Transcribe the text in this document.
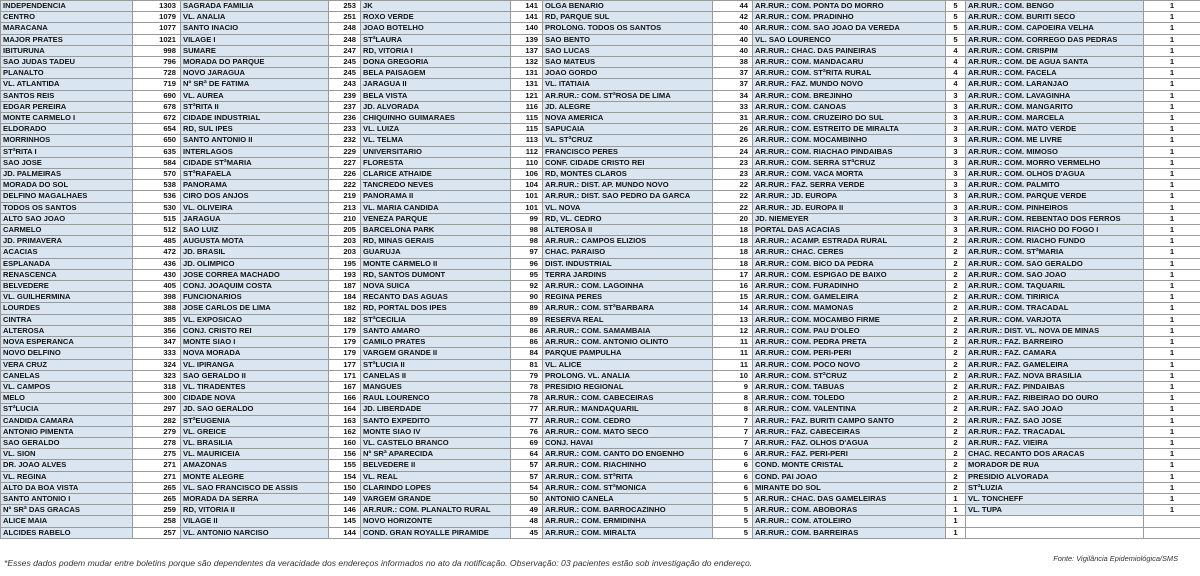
INDEPENDENCIA	1303	SAGRADA FAMILIA	253	JK	141	OLGA BENARIO	44	AR.RUR.: COM. PONTA DO MORRO	5	AR.RUR.: COM. BENGO	1
CENTRO	1079	VL. ANALIA	251	ROXO VERDE	141	RD, PARQUE SUL	42	AR.RUR.: COM. PRADINHO	5	AR.RUR.: COM. BURITI SECO	1
MARACANA	1077	SANTO INACIO	248	JOAO BOTELHO	140	PROLONG. TODOS OS SANTOS	40	AR.RUR.: COM. SAO JOAO DA VEREDA	5	AR.RUR.: COM. CAPOEIRA VELHA	1
MAJOR PRATES	1021	VILAGE I	248	STªLAURA	139	SAO BENTO	40	VL. SAO LOURENCO	5	AR.RUR.: COM. CORREGO DAS PEDRAS	1
IBITURUNA	998	SUMARE	247	RD, VITORIA I	137	SAO LUCAS	40	AR.RUR.: CHAC. DAS PAINEIRAS	4	AR.RUR.: COM. CRISPIM	1
SAO JUDAS TADEU	796	MORADA DO PARQUE	245	DONA GREGORIA	132	SAO MATEUS	38	AR.RUR.: COM. MANDACARU	4	AR.RUR.: COM. DE AGUA SANTA	1
PLANALTO	728	NOVO JARAGUA	245	BELA PAISAGEM	131	JOAO GORDO	37	AR.RUR.: COM. STªRITA RURAL	4	AR.RUR.: COM. FACELA	1
VL. ATLANTIDA	719	Nº SRª DE FATIMA	243	JARAGUA II	131	VL. ITATIAIA	37	AR.RUR.: FAZ. MUNDO NOVO	4	AR.RUR.: COM. LARANJAO	1
SANTOS REIS	690	VL. AUREA	239	BELA VISTA	121	AR.RUR.: COM. STªROSA DE LIMA	34	AR.RUR.: COM. BREJINHO	3	AR.RUR.: COM. LAVAGINHA	1
EDGAR PEREIRA	678	STªRITA II	237	JD. ALVORADA	116	JD. ALEGRE	33	AR.RUR.: COM. CANOAS	3	AR.RUR.: COM. MANGARITO	1
MONTE CARMELO I	672	CIDADE INDUSTRIAL	236	CHIQUINHO GUIMARAES	115	NOVA AMERICA	31	AR.RUR.: COM. CRUZEIRO DO SUL	3	AR.RUR.: COM. MARCELA	1
ELDORADO	654	RD, SUL IPES	233	VL. LUIZA	115	SAPUCAIA	26	AR.RUR.: COM. ESTREITO DE MIRALTA	3	AR.RUR.: COM. MATO VERDE	1
MORRINHOS	650	SANTO ANTONIO II	232	VL. TELMA	113	VL. STªCRUZ	26	AR.RUR.: COM. MOCAMBINHO	3	AR.RUR.: COM. ME LIVRE	1
STªRITA I	635	INTERLAGOS	229	UNIVERSITARIO	112	FRANCISCO PERES	24	AR.RUR.: COM. RIACHAO PINDAIBAS	3	AR.RUR.: COM. MIMOSO	1
SAO JOSE	584	CIDADE STªMARIA	227	FLORESTA	110	CONF. CIDADE CRISTO REI	23	AR.RUR.: COM. SERRA STªCRUZ	3	AR.RUR.: COM. MORRO VERMELHO	1
JD. PALMEIRAS	570	STªRAFAELA	226	CLARICE ATHAIDE	106	RD, MONTES CLAROS	23	AR.RUR.: COM. VACA MORTA	3	AR.RUR.: COM. OLHOS D'AGUA	1
MORADA DO SOL	538	PANORAMA	222	TANCREDO NEVES	104	AR.RUR.: DIST. AP. MUNDO NOVO	22	AR.RUR.: FAZ. SERRA VERDE	3	AR.RUR.: COM. PALMITO	1
DELFINO MAGALHAES	536	CIRO DOS ANJOS	219	PANORAMA II	101	AR.RUR.: DIST. SAO PEDRO DA GARCA	22	AR.RUR.: JD. EUROPA	3	AR.RUR.: COM. PARQUE VERDE	1
TODOS OS SANTOS	530	VL. OLIVEIRA	213	VL. MARIA CANDIDA	101	VL. NOVA	22	AR.RUR.: JD. EUROPA II	3	AR.RUR.: COM. PINHEIROS	1
ALTO SAO JOAO	515	JARAGUA	210	VENEZA PARQUE	99	RD, VL. CEDRO	20	JD. NIEMEYER	3	AR.RUR.: COM. REBENTAO DOS FERROS	1
CARMELO	512	SAO LUIZ	205	BARCELONA PARK	98	ALTEROSA II	18	PORTAL DAS ACACIAS	3	AR.RUR.: COM. RIACHO DO FOGO I	1
JD. PRIMAVERA	485	AUGUSTA MOTA	203	RD, MINAS GERAIS	98	AR.RUR.: CAMPOS ELIZIOS	18	AR.RUR.: ACAMP. ESTRADA RURAL	2	AR.RUR.: COM. RIACHO FUNDO	1
ACACIAS	472	JD. BRASIL	203	GUARUJA	97	CHAC. PARAISO	18	AR.RUR.: CHAC. CERES	2	AR.RUR.: COM. STªMARIA	1
ESPLANADA	436	JD. OLIMPICO	195	MONTE CARMELO II	96	DIST. INDUSTRIAL	18	AR.RUR.: COM. BICO DA PEDRA	2	AR.RUR.: COM. SAO GERALDO	1
RENASCENCA	430	JOSE CORREA MACHADO	193	RD, SANTOS DUMONT	95	TERRA JARDINS	17	AR.RUR.: COM. ESPIGAO DE BAIXO	2	AR.RUR.: COM. SAO JOAO	1
BELVEDERE	405	CONJ. JOAQUIM COSTA	187	NOVA SUICA	92	AR.RUR.: COM. LAGOINHA	16	AR.RUR.: COM. FURADINHO	2	AR.RUR.: COM. TAQUARIL	1
VL. GUILHERMINA	398	FUNCIONARIOS	184	RECANTO DAS AGUAS	90	REGINA PERES	15	AR.RUR.: COM. GAMELEIRA	2	AR.RUR.: COM. TIRIRICA	1
LOURDES	388	JOSE CARLOS DE LIMA	182	RD, PORTAL DOS IPES	89	AR.RUR.: COM. STªBARBARA	14	AR.RUR.: COM. MAMONAS	2	AR.RUR.: COM. TRACADAL	1
CINTRA	385	VL. EXPOSICAO	182	STªCECILIA	89	RESERVA REAL	13	AR.RUR.: COM. MOCAMBO FIRME	2	AR.RUR.: COM. VARJOTA	1
ALTEROSA	356	CONJ. CRISTO REI	179	SANTO AMARO	86	AR.RUR.: COM. SAMAMBAIA	12	AR.RUR.: COM. PAU D'OLEO	2	AR.RUR.: DIST. VL. NOVA DE MINAS	1
NOVA ESPERANCA	347	MONTE SIAO I	179	CAMILO PRATES	86	AR.RUR.: COM. ANTONIO OLINTO	11	AR.RUR.: COM. PEDRA PRETA	2	AR.RUR.: FAZ. BARREIRO	1
NOVO DELFINO	333	NOVA MORADA	179	VARGEM GRANDE II	84	PARQUE PAMPULHA	11	AR.RUR.: COM. PERI-PERI	2	AR.RUR.: FAZ. CAMARA	1
VERA CRUZ	324	VL. IPIRANGA	177	STªLUCIA II	81	VL. ALICE	11	AR.RUR.: COM. POCO NOVO	2	AR.RUR.: FAZ. GAMELEIRA	1
CANELAS	323	SAO GERALDO II	171	CANELAS II	79	PROLONG. VL. ANALIA	10	AR.RUR.: COM. STªCRUZ	2	AR.RUR.: FAZ. NOVA BRASILIA	1
VL. CAMPOS	318	VL. TIRADENTES	167	MANGUES	78	PRESIDIO REGIONAL	9	AR.RUR.: COM. TABUAS	2	AR.RUR.: FAZ. PINDAIBAS	1
MELO	300	CIDADE NOVA	166	RAUL LOURENCO	78	AR.RUR.: COM. CABECEIRAS	8	AR.RUR.: COM. TOLEDO	2	AR.RUR.: FAZ. RIBEIRAO DO OURO	1
STªLUCIA	297	JD. SAO GERALDO	164	JD. LIBERDADE	77	AR.RUR.: MANDAQUARIL	8	AR.RUR.: COM. VALENTINA	2	AR.RUR.: FAZ. SAO JOAO	1
CANDIDA CAMARA	282	STªEUGENIA	163	SANTO EXPEDITO	77	AR.RUR.: COM. CEDRO	7	AR.RUR.: FAZ. BURITI CAMPO SANTO	2	AR.RUR.: FAZ. SAO JOSE	1
ANTONIO PIMENTA	279	VL. GREICE	162	MONTE SIAO IV	76	AR.RUR.: COM. MATO SECO	7	AR.RUR.: FAZ. CABECEIRAS	2	AR.RUR.: FAZ. TRACADAL	1
SAO GERALDO	278	VL. BRASILIA	160	VL. CASTELO BRANCO	69	CONJ. HAVAI	7	AR.RUR.: FAZ. OLHOS D'AGUA	2	AR.RUR.: FAZ. VIEIRA	1
VL. SION	275	VL. MAURICEIA	156	Nº SRª APARECIDA	64	AR.RUR.: COM. CANTO DO ENGENHO	6	AR.RUR.: FAZ. PERI-PERI	2	CHAC. RECANTO DOS ARACAS	1
DR. JOAO ALVES	271	AMAZONAS	155	BELVEDERE II	57	AR.RUR.: COM. RIACHINHO	6	COND. MONTE CRISTAL	2	MORADOR DE RUA	1
VL. REGINA	271	MONTE ALEGRE	154	VL. REAL	57	AR.RUR.: COM. STªRITA	6	COND. PAI JOAO	2	PRESIDIO ALVORADA	1
ALTO DA BOA VISTA	265	VL. SAO FRANCISCO DE ASSIS	150	CLARINDO LOPES	54	AR.RUR.: COM. STªMONICA	6	MIRANTE DO SOL	2	STªLUZIA	1
SANTO ANTONIO I	265	MORADA DA SERRA	149	VARGEM GRANDE	50	ANTONIO CANELA	5	AR.RUR.: CHAC. DAS GAMELEIRAS	1	VL. TONCHEFF	1
Nº SRª DAS GRACAS	259	RD, VITORIA II	146	AR.RUR.: COM. PLANALTO RURAL	49	AR.RUR.: COM. BARROCAZINHO	5	AR.RUR.: COM. ABOBORAS	1	VL. TUPA	1
ALICE MAIA	258	VILAGE II	145	NOVO HORIZONTE	48	AR.RUR.: COM. ERMIDINHA	5	AR.RUR.: COM. ATOLEIRO	1		
ALCIDES RABELO	257	VL. ANTONIO NARCISO	144	COND. GRAN ROYALLE PIRAMIDE	45	AR.RUR.: COM. MIRALTA	5	AR.RUR.: COM. BARREIRAS	1		
*Esses dados podem mudar entre boletins porque são dependentes da veracidade dos endereços informados no ato da notificação. Observação: 03 pacientes estão sob investigação do endereço.	Fonte: Vigilância Epidemiológica/SMS
